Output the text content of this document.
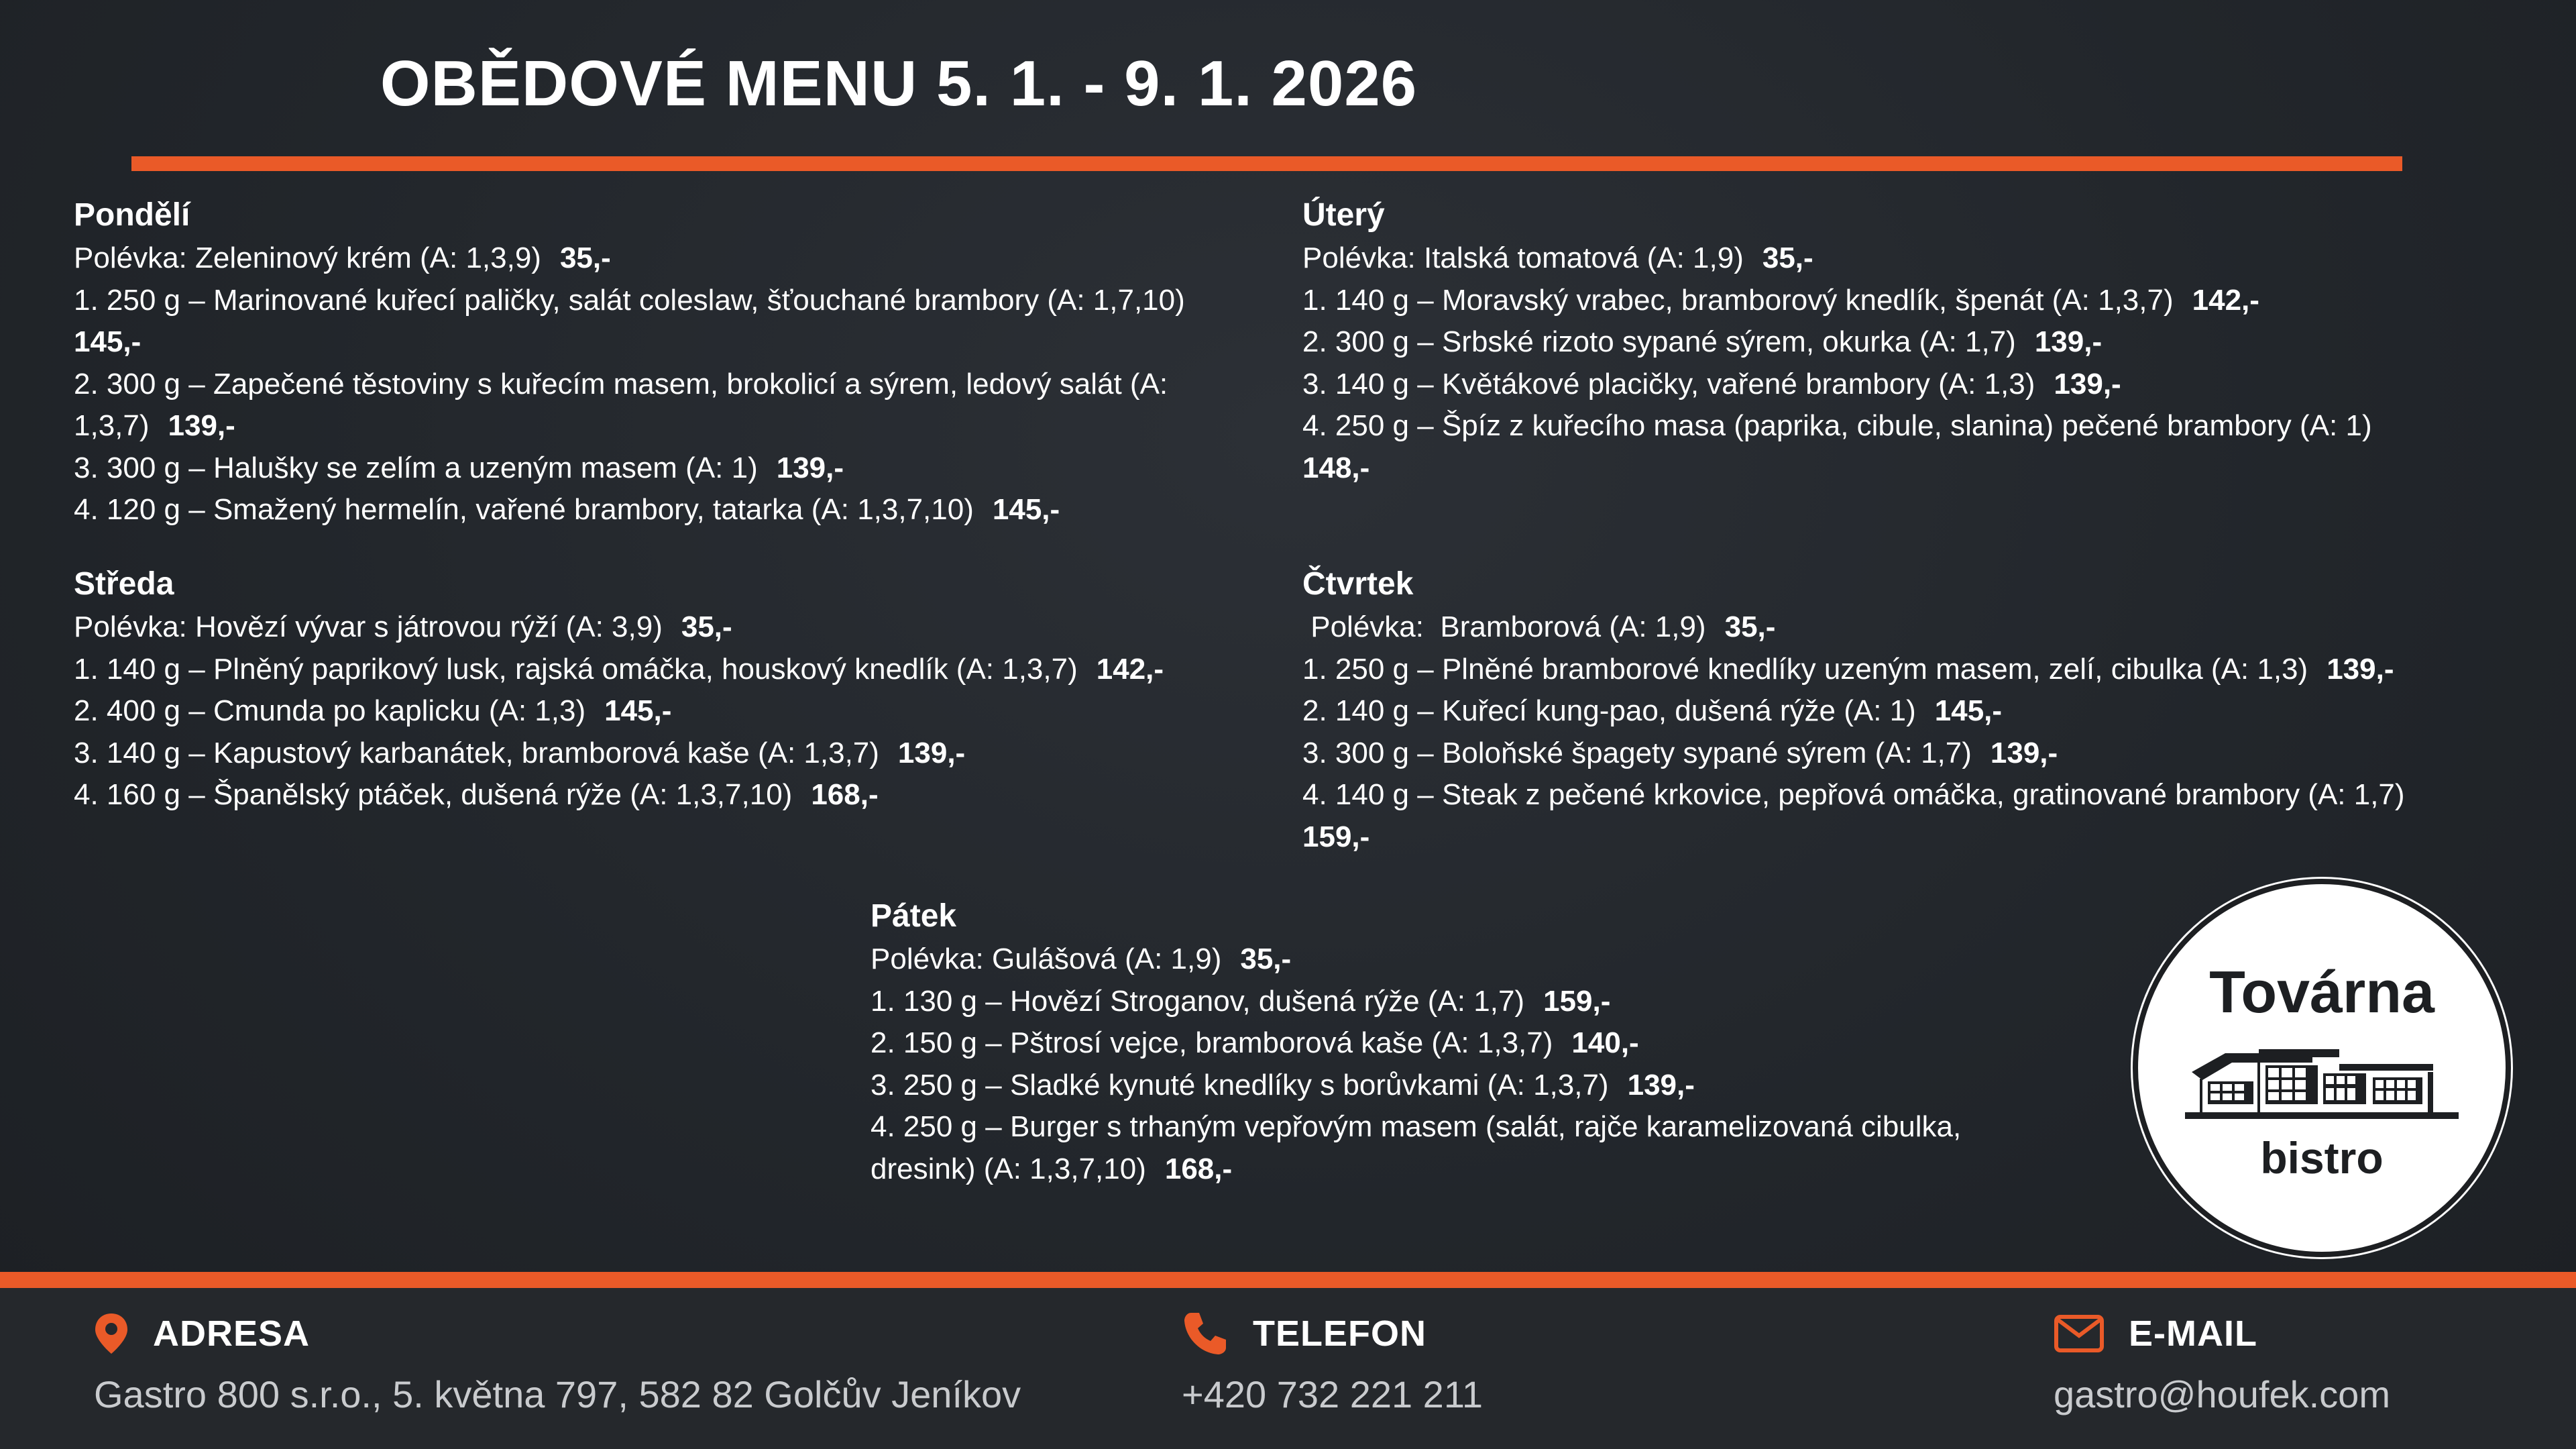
OBĚDOVÉ MENU 5. 1. - 9. 1. 2026
Pondělí
Polévka: Zeleninový krém (A: 1,3,9) 35,-
1. 250 g – Marinované kuřecí paličky, salát coleslaw, šťouchané brambory (A: 1,7,10)
145,-
2. 300 g – Zapečené těstoviny s kuřecím masem, brokolicí a sýrem, ledový salát (A: 1,3,7) 139,-
3. 300 g – Halušky se zelím a uzeným masem (A: 1) 139,-
4. 120 g – Smažený hermelín, vařené brambory, tatarka (A: 1,3,7,10) 145,-
Úterý
Polévka: Italská tomatová (A: 1,9) 35,-
1. 140 g – Moravský vrabec, bramborový knedlík, špenát (A: 1,3,7) 142,-
2. 300 g – Srbské rizoto sypané sýrem, okurka (A: 1,7) 139,-
3. 140 g – Květákové placičky, vařené brambory (A: 1,3) 139,-
4. 250 g – Špíz z kuřecího masa (paprika, cibule, slanina) pečené brambory (A: 1)
148,-
Středa
Polévka: Hovězí vývar s játrovou rýží (A: 3,9) 35,-
1. 140 g – Plněný paprikový lusk, rajská omáčka, houskový knedlík (A: 1,3,7) 142,-
2. 400 g – Cmunda po kaplicku (A: 1,3) 145,-
3. 140 g – Kapustový karbanátek, bramborová kaše (A: 1,3,7) 139,-
4. 160 g – Španělský ptáček, dušená rýže (A: 1,3,7,10) 168,-
Čtvrtek
Polévka:  Bramborová (A: 1,9) 35,-
1. 250 g – Plněné bramborové knedlíky uzeným masem, zelí, cibulka (A: 1,3) 139,-
2. 140 g – Kuřecí kung-pao, dušená rýže (A: 1) 145,-
3. 300 g – Boloňské špagety sypané sýrem (A: 1,7) 139,-
4. 140 g – Steak z pečené krkovice, pepřová omáčka, gratinované brambory (A: 1,7)
159,-
Pátek
Polévka: Gulášová (A: 1,9) 35,-
1. 130 g – Hovězí Stroganov, dušená rýže (A: 1,7) 159,-
2. 150 g – Pštrosí vejce, bramborová kaše (A: 1,3,7) 140,-
3. 250 g – Sladké kynuté knedlíky s borůvkami (A: 1,3,7) 139,-
4. 250 g – Burger s trhaným vepřovým masem (salát, rajče karamelizovaná cibulka, dresink) (A: 1,3,7,10) 168,-
Továrna
bistro
ADRESA
Gastro 800 s.r.o., 5. května 797, 582 82 Golčův Jeníkov
TELEFON
+420 732 221 211
E-MAIL
gastro@houfek.com
